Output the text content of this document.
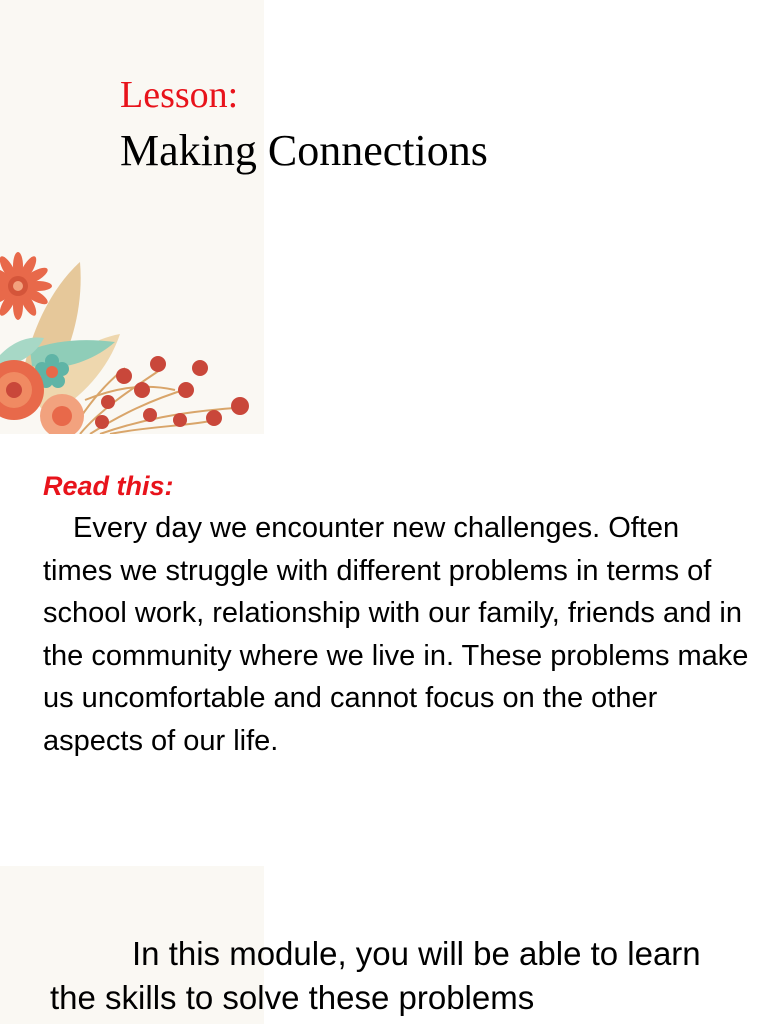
Lesson:
Making Connections
Read this:

Every day we encounter new challenges. Often times we struggle with different problems in terms of school work, relationship with our family, friends and in the community where we live in. These problems make us uncomfortable and cannot focus on the other aspects of our life.

In this module, you will be able to learn the skills to solve these problems
